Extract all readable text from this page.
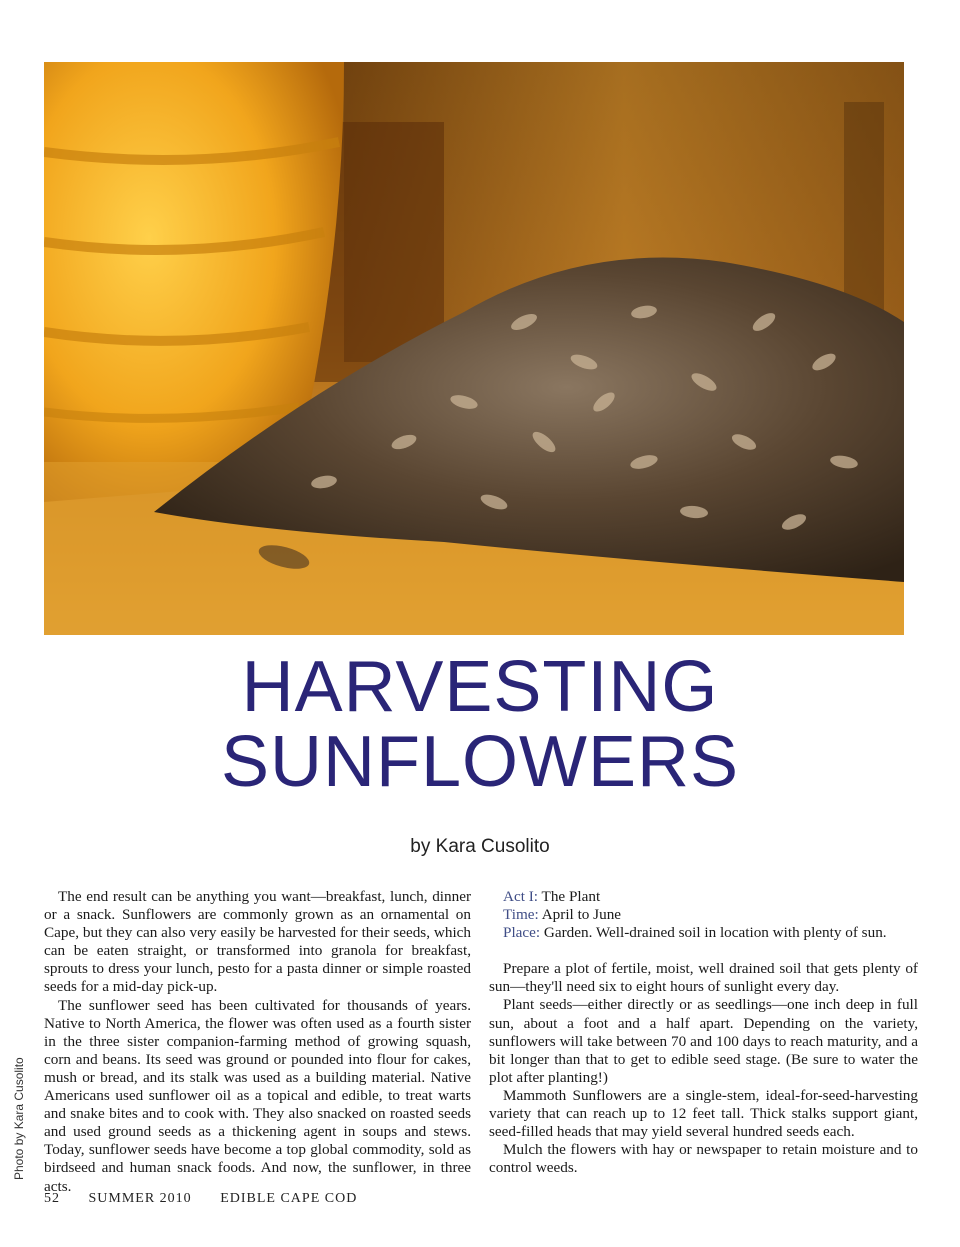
HARVESTING
SUNFLOWERS
by Kara Cusolito

The end result can be anything you want—breakfast, lunch, dinner or a snack. Sunflowers are commonly grown as an ornamental on Cape, but they can also very easily be harvested for their seeds, which can be eaten straight, or transformed into granola for breakfast, sprouts to dress your lunch, pesto for a pasta dinner or simple roasted seeds for a mid-day pick-up.

The sunflower seed has been cultivated for thousands of years. Native to North America, the flower was often used as a fourth sister in the three sister companion-farming method of growing squash, corn and beans. Its seed was ground or pounded into flour for cakes, mush or bread, and its stalk was used as a building material. Native Americans used sunflower oil as a topical and edible, to treat warts and snake bites and to cook with. They also snacked on roasted seeds and used ground seeds as a thickening agent in soups and stews. Today, sunflower seeds have become a top global commodity, sold as birdseed and human snack foods. And now, the sunflower, in three acts.

Act I: The Plant

Time: April to June

Place: Garden. Well-drained soil in location with plenty of sun.

Prepare a plot of fertile, moist, well drained soil that gets plenty of sun—they'll need six to eight hours of sunlight every day.

Plant seeds—either directly or as seedlings—one inch deep in full sun, about a foot and a half apart. Depending on the variety, sunflowers will take between 70 and 100 days to reach maturity, and a bit longer than that to get to edible seed stage. (Be sure to water the plot after planting!)

Mammoth Sunflowers are a single-stem, ideal-for-seed-harvesting variety that can reach up to 12 feet tall. Thick stalks support giant, seed-filled heads that may yield several hundred seeds each.

Mulch the flowers with hay or newspaper to retain moisture and to control weeds.

Photo by Kara Cusolito
52 SUMMER 2010 EDIBLE CAPE COD
